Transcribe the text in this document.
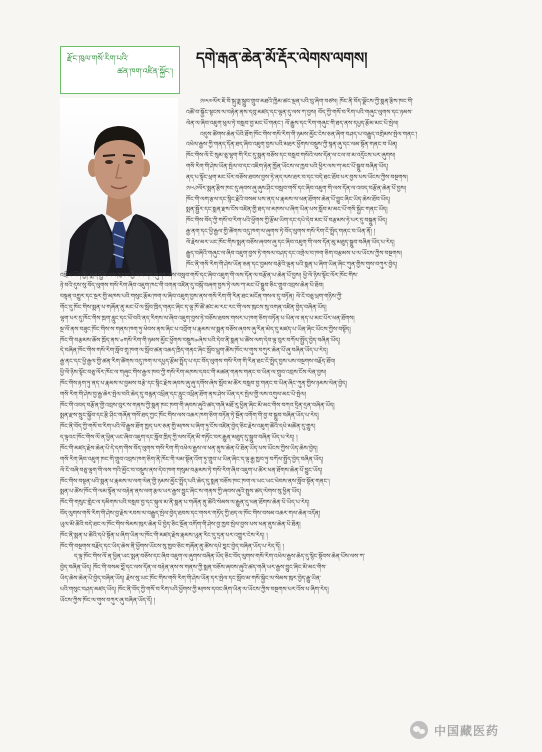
རྫོང་ཁུལ་གསོ་རིག་པའི་
ཚན་ཁག་འཛིན་སྐྱོང་།
དགེ་རྒན་ཆེན་མོ་རྡོར་ལེགས་ལགས།
༡༩༥༧ལོར་ཇོ་བོ་སྐུ་ཟླ་སྒྲུབ་གྲུབ་མཐའི་ཁྱིམ་ཚང་ལྡན་པའི་བུ་ཞིག་བཙས། ཁོང་ནི་བོད་ལྗོངས་ཀྱི་སྨན་རྩིས་ཁང་གི་
འཚོ་བ་སྐྱོང་སྟངས་ལ་བརྟེན་ནས་དབུ་མཛད་དང་ལྷན་དུ་ལས་ཀ་བྱས། བོད་ཀྱི་གསོ་བ་རིག་པའི་གཞུང་ལུགས་དང་ཉམས་
ལེན་ལ་ཞིབ་འཇུག་ཕུལ་ཏེ་བསླབ་བྱ་མང་པོ་གནང་། ལོ་རྒྱུས་དང་རིག་གཞུང་གི་ཐད་ནས་དཔྱད་རྩོམ་མང་པོ་སྤེལ།
འདུས་ཚོགས་ཆེན་པོའི་ཐོག་ཁོང་གིས་གསོ་རིག་གི་ཉམས་མྱོང་ངེས་ཅན་ཞིག་བཤད་པ་བརྒྱུད་འགྲེམས་སྤེལ་གནང་།
འཕེལ་རྒྱས་ཀྱི་གནད་དོན་ཐད་ཞིབ་འཇུག་བྱས་པའི་མཐར་ཕྱོགས་བསྡུས་ཀྱི་སྙན་ཞུ་དང་ལམ་སྟོན་གནང་བ་ཡིན།
ཁོང་གིས་ལོ་ངོ་སུམ་ཅུ་ལྷག་གི་རིང་དུ་སྨན་བཅོས་དང་བསླབ་གསོའི་ལས་དོན་ལ་ངལ་བ་མ་འདྲོངས་པར་ཞུགས།
གསོ་རིག་གི་ཤེས་ཡོན་སྤེལ་བ་དང་འཇིག་རྟེན་ཁྱོན་ཡོངས་ལ་ཁྱབ་པའི་ཕྱིར་ལས་ཀ་མང་པོ་སྒྲུབ་བཞིན་ཡོད།
ནད་པ་སྟོང་ཕྲག་མང་པོར་བཅོས་ཐབས་བྱས་ཏེ་ནད་ལས་ཐར་བ་དང་བདེ་ཐང་ཐོབ་པར་བྱས་པས་ཡོངས་ཀྱིས་བསྔགས།
༡༩༨༡ལོར་སྨན་རྩིས་ཁང་དུ་ཞབས་ཞུ་ཞུས་ཤིང་བསླབ་གསོ་དང་ཞིབ་འཇུག་གི་ལས་དོན་ལ་འབད་བརྩོན་ཆེན་པོ་བྱས།
ཁོང་གི་ལག་རྩལ་དང་སྙིང་རྗེའི་བསམ་པས་ནད་པ་རྣམས་ལ་ཕན་ཐོགས་ཆེན་པོ་བྱུང་ཞིང་ཡིད་ཆེས་ཐོབ་ཡོད།
སྨན་སྦྱོར་དང་སྨན་རྫས་ངོས་འཛིན་གྱི་ཐད་ལ་མཁས་པ་ཞིག་ཡིན་པས་སློབ་མ་མང་པོ་གསོ་སྐྱོང་གནང་ཡོད།
ཁོང་གིས་བོད་ཀྱི་གསོ་བ་རིག་པའི་ཕྱོགས་ཀྱི་རྩོམ་ཡིག་དང་དཔེ་དེབ་མང་པོ་བརྩམས་ཏེ་པར་དུ་བསྐྲུན་ཡོད།
རྒྱ་ནག་དང་ཕྱི་རྒྱལ་གྱི་ཚོགས་འདུ་ཁག་ལ་ཞུགས་ཏེ་བོད་ལུགས་གསོ་རིག་ངོ་སྤྲོད་གནང་བ་ཡིན་ནོ། །
ལོ་རྗེས་མར་ཡང་ཁོང་གིས་སྨན་བཅོས་ཞབས་ཞུ་དང་ཞིབ་འཇུག་གི་ལས་དོན་མུ་མཐུད་སྒྲུབ་བཞིན་ཡོད་པ་རེད།
རྒྱུད་བཞིའི་གཞུང་ལ་ཞིབ་འཇུག་བྱས་ཏེ་གསལ་བཤད་དང་འགྲེལ་བ་ཁག་ཅིག་བརྩམས་པ་ལ་ཡོངས་ཀྱིས་བསྔགས།
ཁོང་ནི་གསོ་རིག་གི་ཤེས་ཡོན་ཅན་དང་བྱམས་བརྩེའི་ལྡན་པའི་སྨན་པ་ཞིག་ཡིན་ཞིང་ཀུན་གྱིས་གུས་བཀུར་བྱེད།
འབྲེལ་ཡོད་ཀྱི། སྨན་སྦྱོར་ལས་ཁུངས་ཀྱི་ལས་ཀར་ཞུགས་ནས་བསླབ་གསོ་དང་ཞིབ་འཇུག་གི་ལས་དོན་ལ་བརྩོན་པ་ཆེན་པོ་བྱས། ཕྱི་ལོ་ཉིས་སྟོང་ལོར་ཁོང་གིས་
ཉེ་བའི་དུས་སུ་བོད་ལུགས་གསོ་རིག་ཞིབ་འཇུག་ཁང་གི་འགན་འཛིན་དུ་བསྐོ་བཞག་བྱས་ཏེ་ལས་ཀ་མང་པོ་སྒྲུབ་ཅིང་གྲུབ་འབྲས་ཆེན་པོ་ཐོབ།
བསྟན་འགྱུར་དང་སྔར་གྱི་མཁས་པའི་གསུང་རྩོམ་ཁག་ལ་ཞིབ་འཇུག་བྱས་ནས་གསོ་རིག་གི་རིན་ཐང་མངོན་གསལ་དུ་བཏོན། ལོ་ངོ་བཅུ་ཕྲག་གཉིས་ཀྱི་
གོང་དུ་ཁོང་གིས་སྨན་པ་གཞོན་ནུ་མང་པོ་ལ་སློབ་ཁྲིད་གནང་ཞིང་ད་ལྟ་ཁོ་ཚོ་ཚང་མ་རང་རང་གི་ལས་ཁུངས་སུ་འགན་འཛིན་བྱེད་བཞིན་ཡོད།
ལྷག་པར་དུ་ཁོང་གིས་ཁྲག་རླུང་དང་ཕོ་བའི་ནད་རིགས་ལ་ཞིབ་འཇུག་བྱས་ཏེ་བཅོས་ཐབས་གསར་པ་ཁག་ཅིག་བཏོན་པ་ཡིན་ལ་ནད་པ་མང་པོར་ཕན་ཐོགས།
སྔ་ལོ་ནས་བཟུང་ཁོང་གིས་ས་གནས་ཁག་ཏུ་ཕེབས་ནས་ཞིང་པ་འབྲོག་པ་རྣམས་ལ་སྨན་བཅོས་ཞབས་ཞུ་རིན་མེད་དུ་མཛད་པ་ཡིན་ཞིང་ཡོངས་ཀྱིས་བསྟོད།
ཁོང་གི་བརྩམས་ཆོས་ཁྲོད་ནས་«གསོ་རིག་གི་ཉམས་མྱོང་ཕྱོགས་བསྡུས»ཞེས་པའི་དེབ་ནི་སྨན་པ་ཚོས་ལག་དེབ་ལྟ་བུར་བཀོལ་སྤྱོད་བྱེད་བཞིན་ཡོད།
དེ་བཞིན་ཁོང་གིས་གསོ་རིག་སློབ་གྲྭ་ཁག་ལ་སློབ་ཚན་འཆད་ཁྲིད་གནང་ཞིང་སློབ་ཕྲུག་ཚོས་ཁོང་ལ་གུས་བཀུར་ཆེན་པོ་ཞུ་བཞིན་ཡོད་པ་རེད།
རྒྱ་ནང་དང་ཕྱི་རྒྱལ་གྱི་ཚན་རིག་ཚོགས་འདུ་ཁག་ལ་དཔྱད་རྩོམ་སྤྲོད་པ་དང་བོད་ལུགས་གསོ་རིག་གི་རིན་ཐང་ངོ་སྤྲོད་བྱས་པས་བསྔགས་བརྗོད་ཐོབ།
ཕྱི་ལོ་ཉིས་སྟོང་བཅུ་ལོར་ཁོང་ལ་གཞུང་གིས་རྒྱལ་ཁབ་ཀྱི་གསོ་རིག་མཁས་དབང་གི་མཚན་གནས་གནང་བ་ཡིན་ལ་གྲུབ་འབྲས་ངོས་ལེན་བྱས།
ཁོང་གིས་རྟག་ཏུ་ནད་པ་རྣམས་ལ་བྱམས་བརྩེ་དང་སྙིང་རྗེས་ཞབས་ཞུ་ཞུ་དགོས་ཞེས་སློབ་མ་ཚོར་བསླབ་བྱ་གནང་བ་ཡིན་ཞིང་ཀུན་གྱིས་ཉམས་ལེན་བྱེད།
གསོ་རིག་གི་ཤེས་བྱ་རྒྱ་ཆེར་སྤེལ་བའི་ཆེད་དུ་བརྙན་འཕྲིན་དང་རླུང་འཕྲིན་ཐོག་ནས་ཤེས་ཡོན་དར་སྤེལ་གྱི་ལས་འགུལ་མང་པོ་སྤེལ།
ཁོང་གི་འབད་བརྩོན་གྱི་འབྲས་བུར་ས་གནས་ཀྱི་སྨན་ཁང་ཁག་གི་ཞབས་ཞུའི་ཚད་གཞི་མཐོ་རུ་ཕྱིན་ཞིང་མི་མང་གིས་བཀའ་དྲིན་དྲན་བཞིན་ཡོད།
སྨན་རྫས་སྲུང་སྐྱོབ་དང་རྩི་ཤིང་གཞོན་གསོ་ཐད་ཀྱང་ཁོང་གིས་ལས་འཆར་ཁག་ཅིག་བཏོན་ཏེ་སྔོན་འགོག་གི་བྱ་བ་སྒྲུབ་བཞིན་ཡོད་པ་རེད།
ཁོང་ནི་བོད་ཀྱི་གསོ་བ་རིག་པའི་ལོ་རྒྱུས་ཐོག་ཁྱད་པར་ཅན་གྱི་མཁས་པ་ཞིག་ཏུ་ངོས་འཛིན་བྱེད་ཅིང་རྗེས་འཇུག་ཚོའི་དཔེ་མཚོན་དུ་གྱུར།
ད་ལྟའང་ཁོང་གིས་ལོ་ན་ཕྱིན་ཡང་ཞིབ་འཇུག་དང་སློབ་ཁྲིད་ཀྱི་ལས་དོན་མི་གཏོང་བར་རྒྱུན་མཐུད་དུ་སྒྲུབ་བཞིན་ཡོད་པ་རེད། །
ཁོང་གི་མཛད་རྗེས་ཆེན་པོ་དེ་དག་གིས་བོད་ལུགས་གསོ་རིག་གི་འཕེལ་རྒྱས་ལ་ཕན་ནུས་ཆེན་པོ་ཐོན་ཡོད་པས་ཡོངས་ཀྱིས་ཡིད་ཆེས་བྱེད།
གསོ་རིག་ཞིབ་འཇུག་ཁང་གི་གྲུབ་འབྲས་ཁག་ཅིག་ནི་ཁོང་གི་ལམ་སྟོན་འོག་ཏུ་གྲུབ་པ་ཡིན་ཞིང་ད་ལྟ་རྒྱ་ཁྱབ་ཏུ་བཀོལ་སྤྱོད་བྱེད་བཞིན་ཡོད།
ལོ་ངོ་བཞི་བཅུ་ལྷག་གི་ལས་ཀའི་མྱོང་བ་བསྡུས་ནས་དེབ་ཁག་གསུམ་བརྩམས་ཏེ་གསོ་རིག་ཞིབ་འཇུག་པ་ཚོར་ཕན་ཐོགས་ཆེན་པོ་བྱུང་ཡོད།
ཁོང་གིས་བསྟན་པའི་སྨན་པ་རྣམས་ལ་ལག་ལེན་གྱི་ཉམས་མྱོང་སྤྲོད་པའི་ཆེད་དུ་སྨན་བཅོས་ཁང་ཁག་ལ་ཡང་ཡང་ཕེབས་ནས་སློབ་སྟོན་གནང་།
སྨན་པ་ཚོས་ཁོང་གི་ལམ་སྟོན་ལ་བརྟེན་ནས་ལག་རྩལ་ཡར་རྒྱས་བྱུང་ཞིང་ས་གནས་ཀྱི་ཞབས་ཞུའི་སྤུས་ཚད་ལེགས་སུ་ཕྱིན་ཡོད།
ཁོང་གི་གསུང་གླེང་ལ་དམིགས་པའི་བསླབ་བྱ་དང་སྐུལ་མ་ནི་སྨན་པ་གཞོན་ནུ་ཚོའི་སེམས་ལ་རྒྱུན་དུ་ཕན་ཐོགས་ཆེན་པོ་ཡོད་པ་རེད།
བོད་ལུགས་གསོ་རིག་གི་ཤེས་བྱ་རྗེས་རབས་ལ་བརྒྱུད་སྤེལ་བྱེད་ཐབས་དང་གསར་གཏོད་ཀྱི་ཐད་ལ་ཁོང་གིས་བསམ་འཆར་གལ་ཆེན་འདོན།
ཡུལ་མི་ཚོའི་བདེ་ཐང་ལ་ཁོང་གིས་སེམས་ཁུར་ཆེན་པོ་བྱེད་ཅིང་སྔོན་འགོག་གི་ཤེས་བྱ་ཁྱབ་སྤེལ་བྱས་པས་ཕན་ནུས་ཆེན་པོ་ཐོན།
ཁོང་ནི་སྨན་པ་ཚོའི་དཔེ་སྟོན་པ་ཞིག་ཡིན་ལ་ཁོང་གི་མཛད་རྗེས་རྣམས་ཡུན་རིང་དུ་དྲན་པར་འགྱུར་ངེས་རེད། །
ཁོང་གི་བསྔགས་བརྗོད་དང་ཡིད་ཆེས་ནི་ཕྱོགས་ཡོངས་སུ་ཁྱབ་ཅིང་གཞོན་ནུ་ཚོས་དཔེ་བླང་བྱེད་བཞིན་ཡོད་པ་རེད་དོ། །
ད་ལྟ་ཁོང་གིས་ལོ་ན་ཕྱིན་ཡང་སྨན་བཅོས་དང་ཞིབ་འཇུག་ལ་ཞུགས་བཞིན་ཡོད་ཅིང་བོད་ལུགས་གསོ་རིག་འཕེལ་རྒྱས་ཆེད་དུ་སྙིང་སྟོབས་ཆེན་པོས་ལས་ཀ་
བྱེད་བཞིན་ཡོད། ཁོང་གི་བསམ་བློ་དང་ལས་དོན་ལ་བརྟེན་ནས་ས་གནས་ཀྱི་སྨན་བཅོས་ཞབས་ཞུའི་ཚད་གཞི་ཡར་རྒྱས་བྱུང་ཞིང་མི་མང་གིས་
ཡིད་ཆེས་ཆེན་པོ་བྱེད་བཞིན་ཡོད། རྗེས་སུ་ཡང་ཁོང་གིས་གསོ་རིག་གི་ཤེས་ཡོན་དར་སྤེལ་དང་སློབ་མ་གསོ་སྐྱོང་ལ་སེམས་ཁུར་བྱེད་རྒྱུ་ཡིན་
པའི་གསུང་བཤད་མཛད་ཡོད། ཁོང་ནི་བོད་ཀྱི་གསོ་བ་རིག་པའི་ཕྱོགས་ཀྱི་མཁས་དབང་ཞིག་ཡིན་ལ་ཡོངས་ཀྱིས་བསྔགས་པར་འོས་པ་ཞིག་རེད།
ཡོངས་ཀྱིས་ཁོང་ལ་གུས་བཀུར་ཞུ་བཞིན་ཡོད་དོ། །
中国藏医药
